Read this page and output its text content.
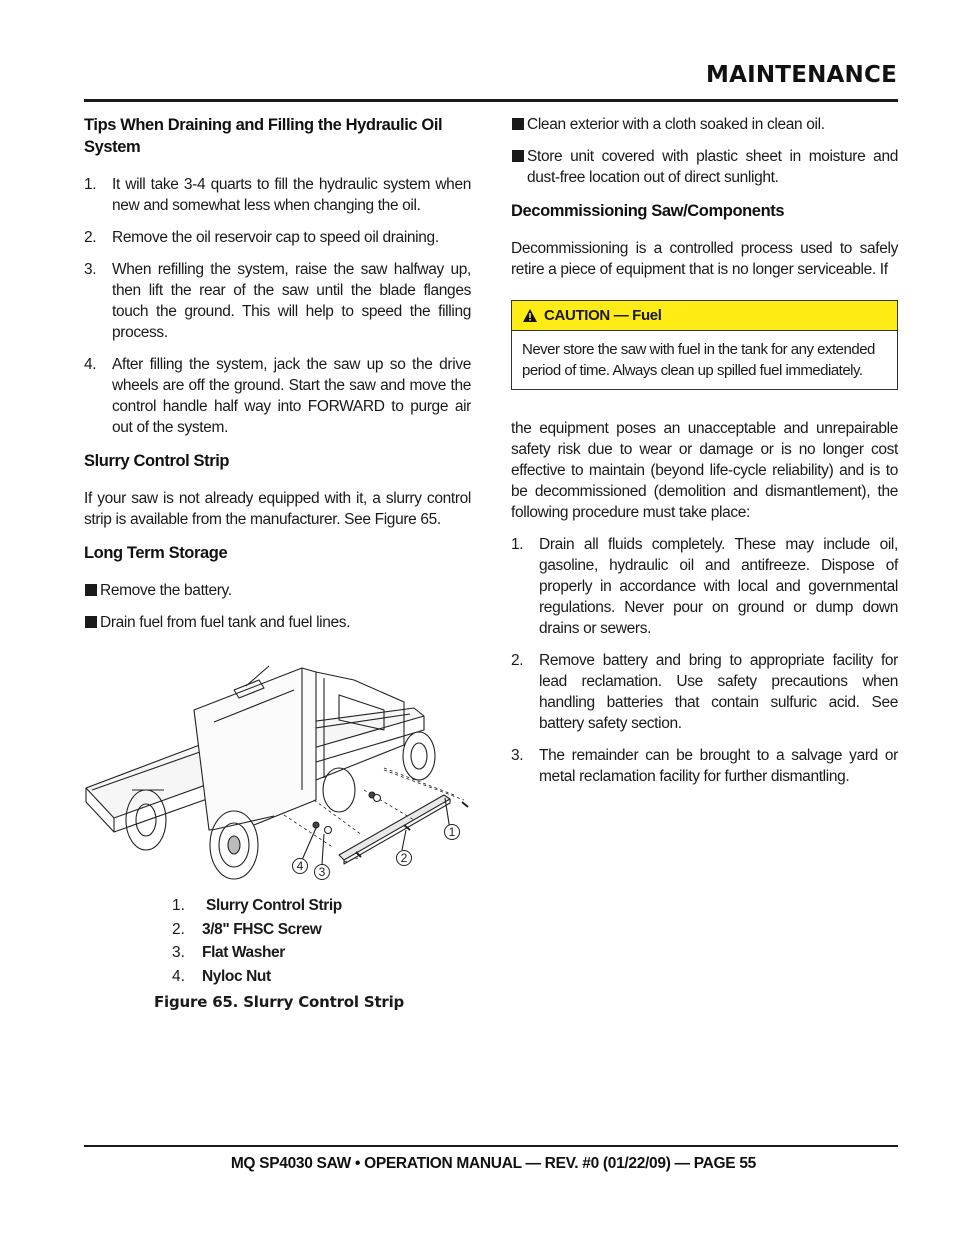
MAINTENANCE
Tips When Draining and Filling the Hydraulic Oil System
1. It will take 3-4 quarts to fill the hydraulic system when new and somewhat less when changing the oil.
2. Remove the oil reservoir cap to speed oil draining.
3. When refilling the system, raise the saw halfway up, then lift the rear of the saw until the blade flanges touch the ground. This will help to speed the filling process.
4. After filling the system, jack the saw up so the drive wheels are off the ground. Start the saw and move the control handle half way into FORWARD to purge air out of the system.
Slurry Control Strip

If your saw is not already equipped with it, a slurry control strip is available from the manufacturer. See Figure 65.

Long Term Storage
Remove the battery.
Drain fuel from fuel tank and fuel lines.
1
2
3
4
1.	Slurry Control Strip
2.	3/8" FHSC Screw
3.	Flat Washer
4.	Nyloc Nut
Figure 65. Slurry Control Strip
Clean exterior with a cloth soaked in clean oil.
Store unit covered with plastic sheet in moisture and dust-free location out of direct sunlight.
Decommissioning Saw/Components

Decommissioning is a controlled process used to safely retire a piece of equipment that is no longer serviceable. If

CAUTION — Fuel
Never store the saw with fuel in the tank for any extended period of time. Always clean up spilled fuel immediately.

the equipment poses an unacceptable and unrepairable safety risk due to wear or damage or is no longer cost effective to maintain (beyond life-cycle reliability) and is to be decommissioned (demolition and dismantlement), the following procedure must take place:

1. Drain all fluids completely. These may include oil, gasoline, hydraulic oil and antifreeze. Dispose of properly in accordance with local and governmental regulations. Never pour on ground or dump down drains or sewers.
2. Remove battery and bring to appropriate facility for lead reclamation. Use safety precautions when handling batteries that contain sulfuric acid. See battery safety section.
3. The remainder can be brought to a salvage yard or metal reclamation facility for further dismantling.
MQ SP4030 SAW • OPERATION MANUAL — REV. #0 (01/22/09) — PAGE 55
